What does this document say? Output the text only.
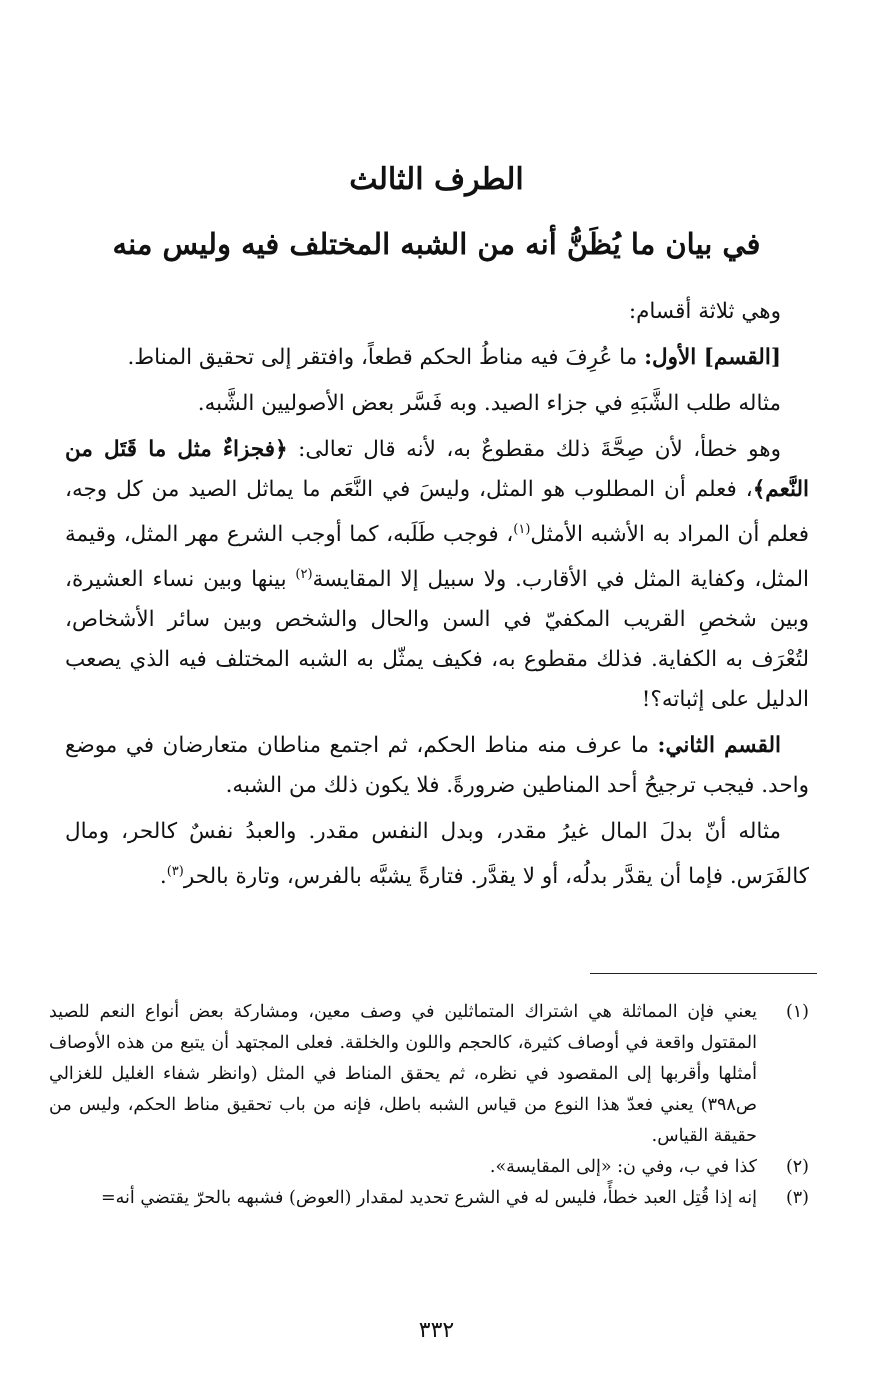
الطرف الثالث
في بيان ما يُظَنُّ أنه من الشبه المختلف فيه وليس منه

وهي ثلاثة أقسام:

[القسم] الأول: ما عُرِفَ فيه مناطُ الحكم قطعاً، وافتقر إلى تحقيق المناط.

مثاله طلب الشَّبَهِ في جزاء الصيد. وبه فَسَّر بعض الأصوليين الشَّبه.

وهو خطأ، لأن صِحَّةَ ذلك مقطوعٌ به، لأنه قال تعالى: ﴿فجزاءٌ مثل ما قَتَل من النَّعم﴾، فعلم أن المطلوب هو المثل، وليسَ في النَّعَم ما يماثل الصيد من كل وجه، فعلم أن المراد به الأشبه الأمثل$^{(١)}$، فوجب طَلَبه، كما أوجب الشرع مهر المثل، وقيمة المثل، وكفاية المثل في الأقارب. ولا سبيل إلا المقايسة$^{(٢)}$ بينها وبين نساء العشيرة، وبين شخصِ القريب المكفيّ في السن والحال والشخص وبين سائر الأشخاص، لتُعْرَف به الكفاية. فذلك مقطوع به، فكيف يمثّل به الشبه المختلف فيه الذي يصعب الدليل على إثباته؟!

القسم الثاني: ما عرف منه مناط الحكم، ثم اجتمع مناطان متعارضان في موضع واحد. فيجب ترجيحُ أحد المناطين ضرورةً. فلا يكون ذلك من الشبه.

مثاله أنّ بدلَ المال غيرُ مقدر، وبدل النفس مقدر. والعبدُ نفسٌ كالحر، ومال كالفَرَس. فإما أن يقدَّر بدلُه، أو لا يقدَّر. فتارةً يشبَّه بالفرس، وتارة بالحر$^{(٣)}$.

(١)
يعني فإن المماثلة هي اشتراك المتماثلين في وصف معين، ومشاركة بعض أنواع النعم للصيد المقتول واقعة في أوصاف كثيرة، كالحجم واللون والخلقة. فعلى المجتهد أن يتبع من هذه الأوصاف أمثلها وأقربها إلى المقصود في نظره، ثم يحقق المناط في المثل (وانظر شفاء الغليل للغزالي ص٣٩٨) يعني فعدّ هذا النوع من قياس الشبه باطل، فإنه من باب تحقيق مناط الحكم، وليس من حقيقة القياس.
(٢)
كذا في ب، وفي ن: «إلى المقايسة».
(٣)
إنه إذا قُتِل العبد خطأً، فليس له في الشرع تحديد لمقدار (العوض) فشبهه بالحرّ يقتضي أنه=
٣٣٢
